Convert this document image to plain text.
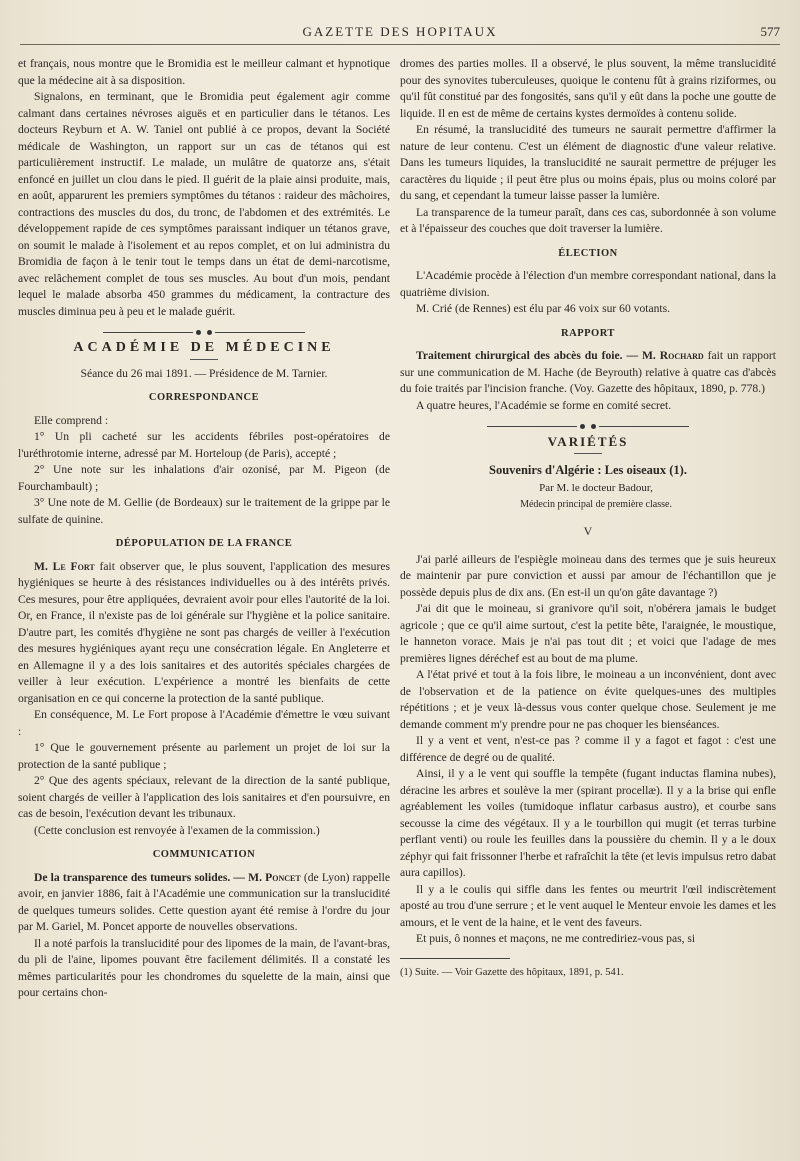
GAZETTE DES HOPITAUX	577

et français, nous montre que le Bromidia est le meilleur calmant et hypnotique que la médecine ait à sa disposition.

Signalons, en terminant, que le Bromidia peut également agir comme calmant dans certaines névroses aiguës et en particulier dans le tétanos. Les docteurs Reyburn et A. W. Taniel ont publié à ce propos, devant la Société médicale de Washington, un rapport sur un cas de tétanos qui est particulièrement instructif. Le malade, un mulâtre de quatorze ans, s'était enfoncé en juillet un clou dans le pied. Il guérit de la plaie ainsi produite, mais, en août, apparurent les premiers symptômes du tétanos : raideur des mâchoires, contractions des muscles du dos, du tronc, de l'abdomen et des extrémités. Le développement rapide de ces symptômes paraissant indiquer un tétanos grave, on soumit le malade à l'isolement et au repos complet, et on lui administra du Bromidia de façon à le tenir tout le temps dans un état de demi-narcotisme, avec relâchement complet de tous ses muscles. Au bout d'un mois, pendant lequel le malade absorba 450 grammes du médicament, la contracture des muscles diminua peu à peu et le malade guérit.

ACADÉMIE DE MÉDECINE

Séance du 26 mai 1891. — Présidence de M. Tarnier.

CORRESPONDANCE

Elle comprend :

1° Un pli cacheté sur les accidents fébriles post-opératoires de l'uréthrotomie interne, adressé par M. Horteloup (de Paris), accepté ;

2° Une note sur les inhalations d'air ozonisé, par M. Pigeon (de Fourchambault) ;

3° Une note de M. Gellie (de Bordeaux) sur le traitement de la grippe par le sulfate de quinine.

DÉPOPULATION DE LA FRANCE

M. Le Fort fait observer que, le plus souvent, l'application des mesures hygiéniques se heurte à des résistances individuelles ou à des intérêts privés. Ces mesures, pour être appliquées, devraient avoir pour elles l'autorité de la loi. Or, en France, il n'existe pas de loi générale sur l'hygiène et la police sanitaire. D'autre part, les comités d'hygiène ne sont pas chargés de veiller à l'exécution des mesures hygiéniques ayant reçu une consécration légale. En Angleterre et en Allemagne il y a des lois sanitaires et des autorités spéciales chargées de veiller à leur exécution. L'expérience a montré les bienfaits de cette organisation en ce qui concerne la protection de la santé publique.

En conséquence, M. Le Fort propose à l'Académie d'émettre le vœu suivant :

1° Que le gouvernement présente au parlement un projet de loi sur la protection de la santé publique ;

2° Que des agents spéciaux, relevant de la direction de la santé publique, soient chargés de veiller à l'application des lois sanitaires et d'en poursuivre, en cas de besoin, l'exécution devant les tribunaux.

(Cette conclusion est renvoyée à l'examen de la commission.)

COMMUNICATION

De la transparence des tumeurs solides. — M. Poncet (de Lyon) rappelle avoir, en janvier 1886, fait à l'Académie une communication sur la translucidité de quelques tumeurs solides. Cette question ayant été remise à l'ordre du jour par M. Gariel, M. Poncet apporte de nouvelles observations.

Il a noté parfois la translucidité pour des lipomes de la main, de l'avant-bras, du pli de l'aine, lipomes pouvant être facilement délimités. Il a constaté les mêmes particularités pour les chondromes du squelette de la main, ainsi que pour certains chon-

dromes des parties molles. Il a observé, le plus souvent, la même translucidité pour des synovites tuberculeuses, quoique le contenu fût à grains riziformes, ou qu'il fût constitué par des fongosités, sans qu'il y eût dans la poche une goutte de liquide. Il en est de même de certains kystes dermoïdes à contenu solide.

En résumé, la translucidité des tumeurs ne saurait permettre d'affirmer la nature de leur contenu. C'est un élément de diagnostic d'une valeur relative. Dans les tumeurs liquides, la translucidité ne saurait permettre de préjuger les caractères du liquide ; il peut être plus ou moins épais, plus ou moins coloré par du sang, et cependant la tumeur laisse passer la lumière.

La transparence de la tumeur paraît, dans ces cas, subordonnée à son volume et à l'épaisseur des couches que doit traverser la lumière.

ÉLECTION

L'Académie procède à l'élection d'un membre correspondant national, dans la quatrième division.

M. Crié (de Rennes) est élu par 46 voix sur 60 votants.

RAPPORT

Traitement chirurgical des abcès du foie. — M. Rochard fait un rapport sur une communication de M. Hache (de Beyrouth) relative à quatre cas d'abcès du foie traités par l'incision franche. (Voy. Gazette des hôpitaux, 1890, p. 778.)

A quatre heures, l'Académie se forme en comité secret.

VARIÉTÉS
Souvenirs d'Algérie : Les oiseaux (1).

Par M. le docteur Badour,

Médecin principal de première classe.

V

J'ai parlé ailleurs de l'espiègle moineau dans des termes que je suis heureux de maintenir par pure conviction et aussi par amour de l'échantillon que je possède depuis plus de dix ans. (En est-il un qu'on gâte davantage ?)

J'ai dit que le moineau, si granivore qu'il soit, n'obérera jamais le budget agricole ; que ce qu'il aime surtout, c'est la petite bête, l'araignée, le moustique, le hanneton vorace. Mais je n'ai pas tout dit ; et voici que l'adage de mes premières lignes déréchef est au bout de ma plume.

A l'état privé et tout à la fois libre, le moineau a un inconvénient, dont avec de l'observation et de la patience on évite quelques-unes des multiples répétitions ; et je veux là-dessus vous conter quelque chose. Seulement je me demande comment m'y prendre pour ne pas choquer les bienséances.

Il y a vent et vent, n'est-ce pas ? comme il y a fagot et fagot : c'est une différence de degré ou de qualité.

Ainsi, il y a le vent qui souffle la tempête (fugant inductas flamina nubes), déracine les arbres et soulève la mer (spirant procellæ). Il y a la brise qui enfle agréablement les voiles (tumidoque inflatur carbasus austro), et courbe sans secousse la cime des végétaux. Il y a le tourbillon qui mugit (et terras turbine perflant venti) ou roule les feuilles dans la poussière du chemin. Il y a le doux zéphyr qui fait frissonner l'herbe et rafraîchit la tête (et levis impulsus retro dabat aura capillos).

Il y a le coulis qui siffle dans les fentes ou meurtrit l'œil indiscrètement aposté au trou d'une serrure ; et le vent auquel le Menteur envoie les dames et les amours, et le vent de la haine, et le vent des faveurs.

Et puis, ô nonnes et maçons, ne me contrediriez-vous pas, si

(1) Suite. — Voir Gazette des hôpitaux, 1891, p. 541.
